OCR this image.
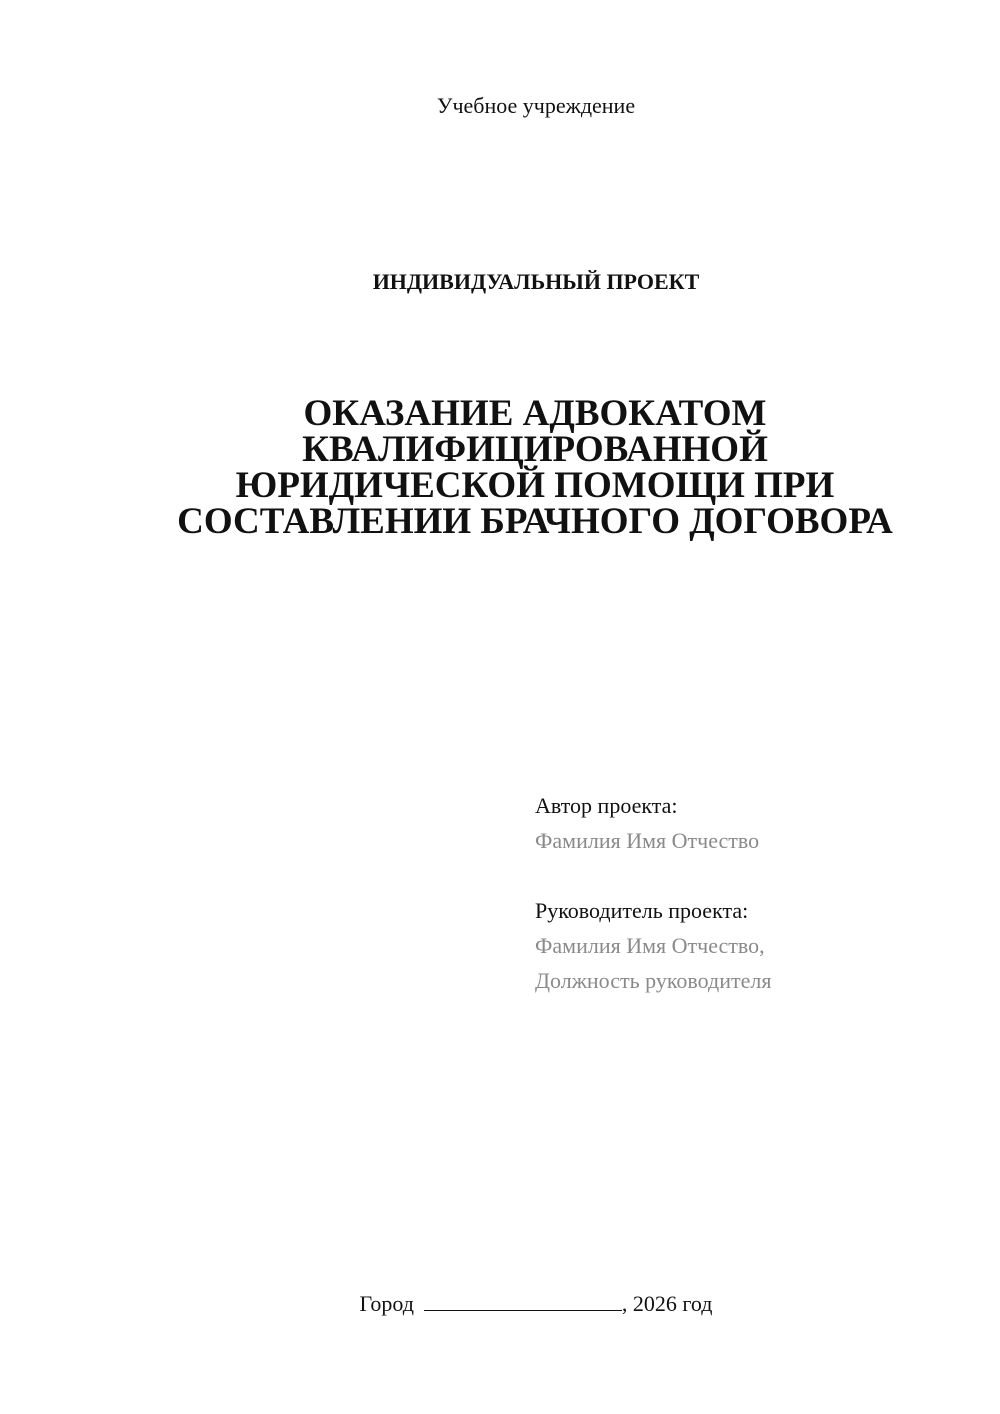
Учебное учреждение
ИНДИВИДУАЛЬНЫЙ ПРОЕКТ
ОКАЗАНИЕ АДВОКАТОМ
КВАЛИФИЦИРОВАННОЙ
ЮРИДИЧЕСКОЙ ПОМОЩИ ПРИ
СОСТАВЛЕНИИ БРАЧНОГО ДОГОВОРА
Автор проекта:
Фамилия Имя Отчество
Руководитель проекта:
Фамилия Имя Отчество,
Должность руководителя
Город	, 2026 год
